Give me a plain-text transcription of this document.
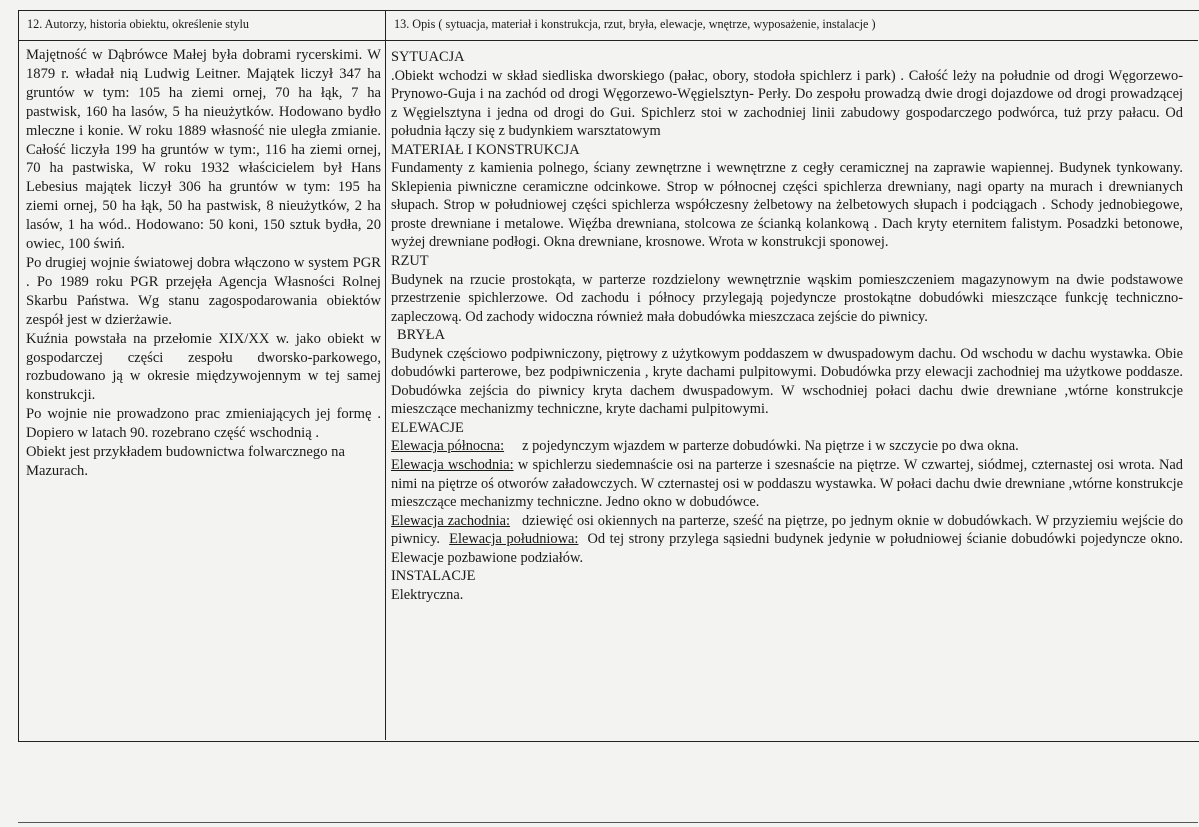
12. Autorzy, historia obiektu, określenie stylu	13. Opis ( sytuacja, materiał i konstrukcja, rzut, bryła, elewacje, wnętrze, wyposażenie, instalacje )

Majętność w Dąbrówce Małej była dobrami rycerskimi. W 1879 r. władał nią Ludwig Leitner. Majątek liczył 347 ha gruntów w tym: 105 ha ziemi ornej, 70 ha łąk, 7 ha pastwisk, 160 ha lasów, 5 ha nieużytków. Hodowano bydło mleczne i konie. W roku 1889 własność nie uległa zmianie. Całość liczyła 199 ha gruntów w tym:, 116 ha ziemi ornej, 70 ha pastwiska, W roku 1932 właścicielem był Hans Lebesius majątek liczył 306 ha gruntów w tym: 195 ha ziemi ornej, 50 ha łąk, 50 ha pastwisk, 8 nieużytków, 2 ha lasów, 1 ha wód.. Hodowano: 50 koni, 150 sztuk bydła, 20 owiec, 100 świń.

Po drugiej wojnie światowej dobra włączono w system PGR . Po 1989 roku PGR przejęła Agencja Własności Rolnej Skarbu Państwa. Wg stanu zagospodarowania obiektów zespół jest w dzierżawie.

Kuźnia powstała na przełomie XIX/XX w. jako obiekt w gospodarczej części zespołu dworsko-parkowego, rozbudowano ją w okresie międzywojennym w tej samej konstrukcji.

Po wojnie nie prowadzono prac zmieniających jej formę . Dopiero w latach 90. rozebrano część wschodnią .

Obiekt jest przykładem budownictwa folwarcznego na Mazurach.

SYTUACJA

.Obiekt wchodzi w skład siedliska dworskiego (pałac, obory, stodoła spichlerz i park) . Całość leży na południe od drogi Węgorzewo-Prynowo-Guja i na zachód od drogi Węgorzewo-Węgielsztyn- Perły. Do zespołu prowadzą dwie drogi dojazdowe od drogi prowadzącej z Węgielsztyna i jedna od drogi do Gui. Spichlerz stoi w zachodniej linii zabudowy gospodarczego podwórca, tuż przy pałacu. Od południa łączy się z budynkiem warsztatowym

MATERIAŁ I KONSTRUKCJA

Fundamenty z kamienia polnego, ściany zewnętrzne i wewnętrzne z cegły ceramicznej na zaprawie wapiennej. Budynek tynkowany. Sklepienia piwniczne ceramiczne odcinkowe. Strop w północnej części spichlerza drewniany, nagi oparty na murach i drewnianych słupach. Strop w południowej części spichlerza współczesny żelbetowy na żelbetowych słupach i podciągach . Schody jednobiegowe, proste drewniane i metalowe. Więźba drewniana, stolcowa ze ścianką kolankową . Dach kryty eternitem falistym. Posadzki betonowe, wyżej drewniane podłogi. Okna drewniane, krosnowe. Wrota w konstrukcji sponowej.

RZUT

Budynek na rzucie prostokąta, w parterze rozdzielony wewnętrznie wąskim pomieszczeniem magazynowym na dwie podstawowe przestrzenie spichlerzowe. Od zachodu i północy przylegają pojedyncze prostokątne dobudówki mieszczące funkcję techniczno-zapleczową. Od zachody widoczna również mała dobudówka mieszczaca zejście do piwnicy.

BRYŁA

Budynek częściowo podpiwniczony, piętrowy z użytkowym poddaszem w dwuspadowym dachu. Od wschodu w dachu wystawka. Obie dobudówki parterowe, bez podpiwniczenia , kryte dachami pulpitowymi. Dobudówka przy elewacji zachodniej ma użytkowe poddasze. Dobudówka zejścia do piwnicy kryta dachem dwuspadowym. W wschodniej połaci dachu dwie drewniane ,wtórne konstrukcje mieszczące mechanizmy techniczne, kryte dachami pulpitowymi.

ELEWACJE

Elewacja północna: z pojedynczym wjazdem w parterze dobudówki. Na piętrze i w szczycie po dwa okna.

Elewacja wschodnia: w spichlerzu siedemnaście osi na parterze i szesnaście na piętrze. W czwartej, siódmej, czternastej osi wrota. Nad nimi na piętrze oś otworów załadowczych. W czternastej osi w poddaszu wystawka. W połaci dachu dwie drewniane ,wtórne konstrukcje mieszczące mechanizmy techniczne. Jedno okno w dobudówce.

Elewacja zachodnia: dziewięć osi okiennych na parterze, sześć na piętrze, po jednym oknie w dobudówkach. W przyziemiu wejście do piwnicy. Elewacja południowa: Od tej strony przylega sąsiedni budynek jedynie w południowej ścianie dobudówki pojedyncze okno. Elewacje pozbawione podziałów.

INSTALACJE

Elektryczna.
